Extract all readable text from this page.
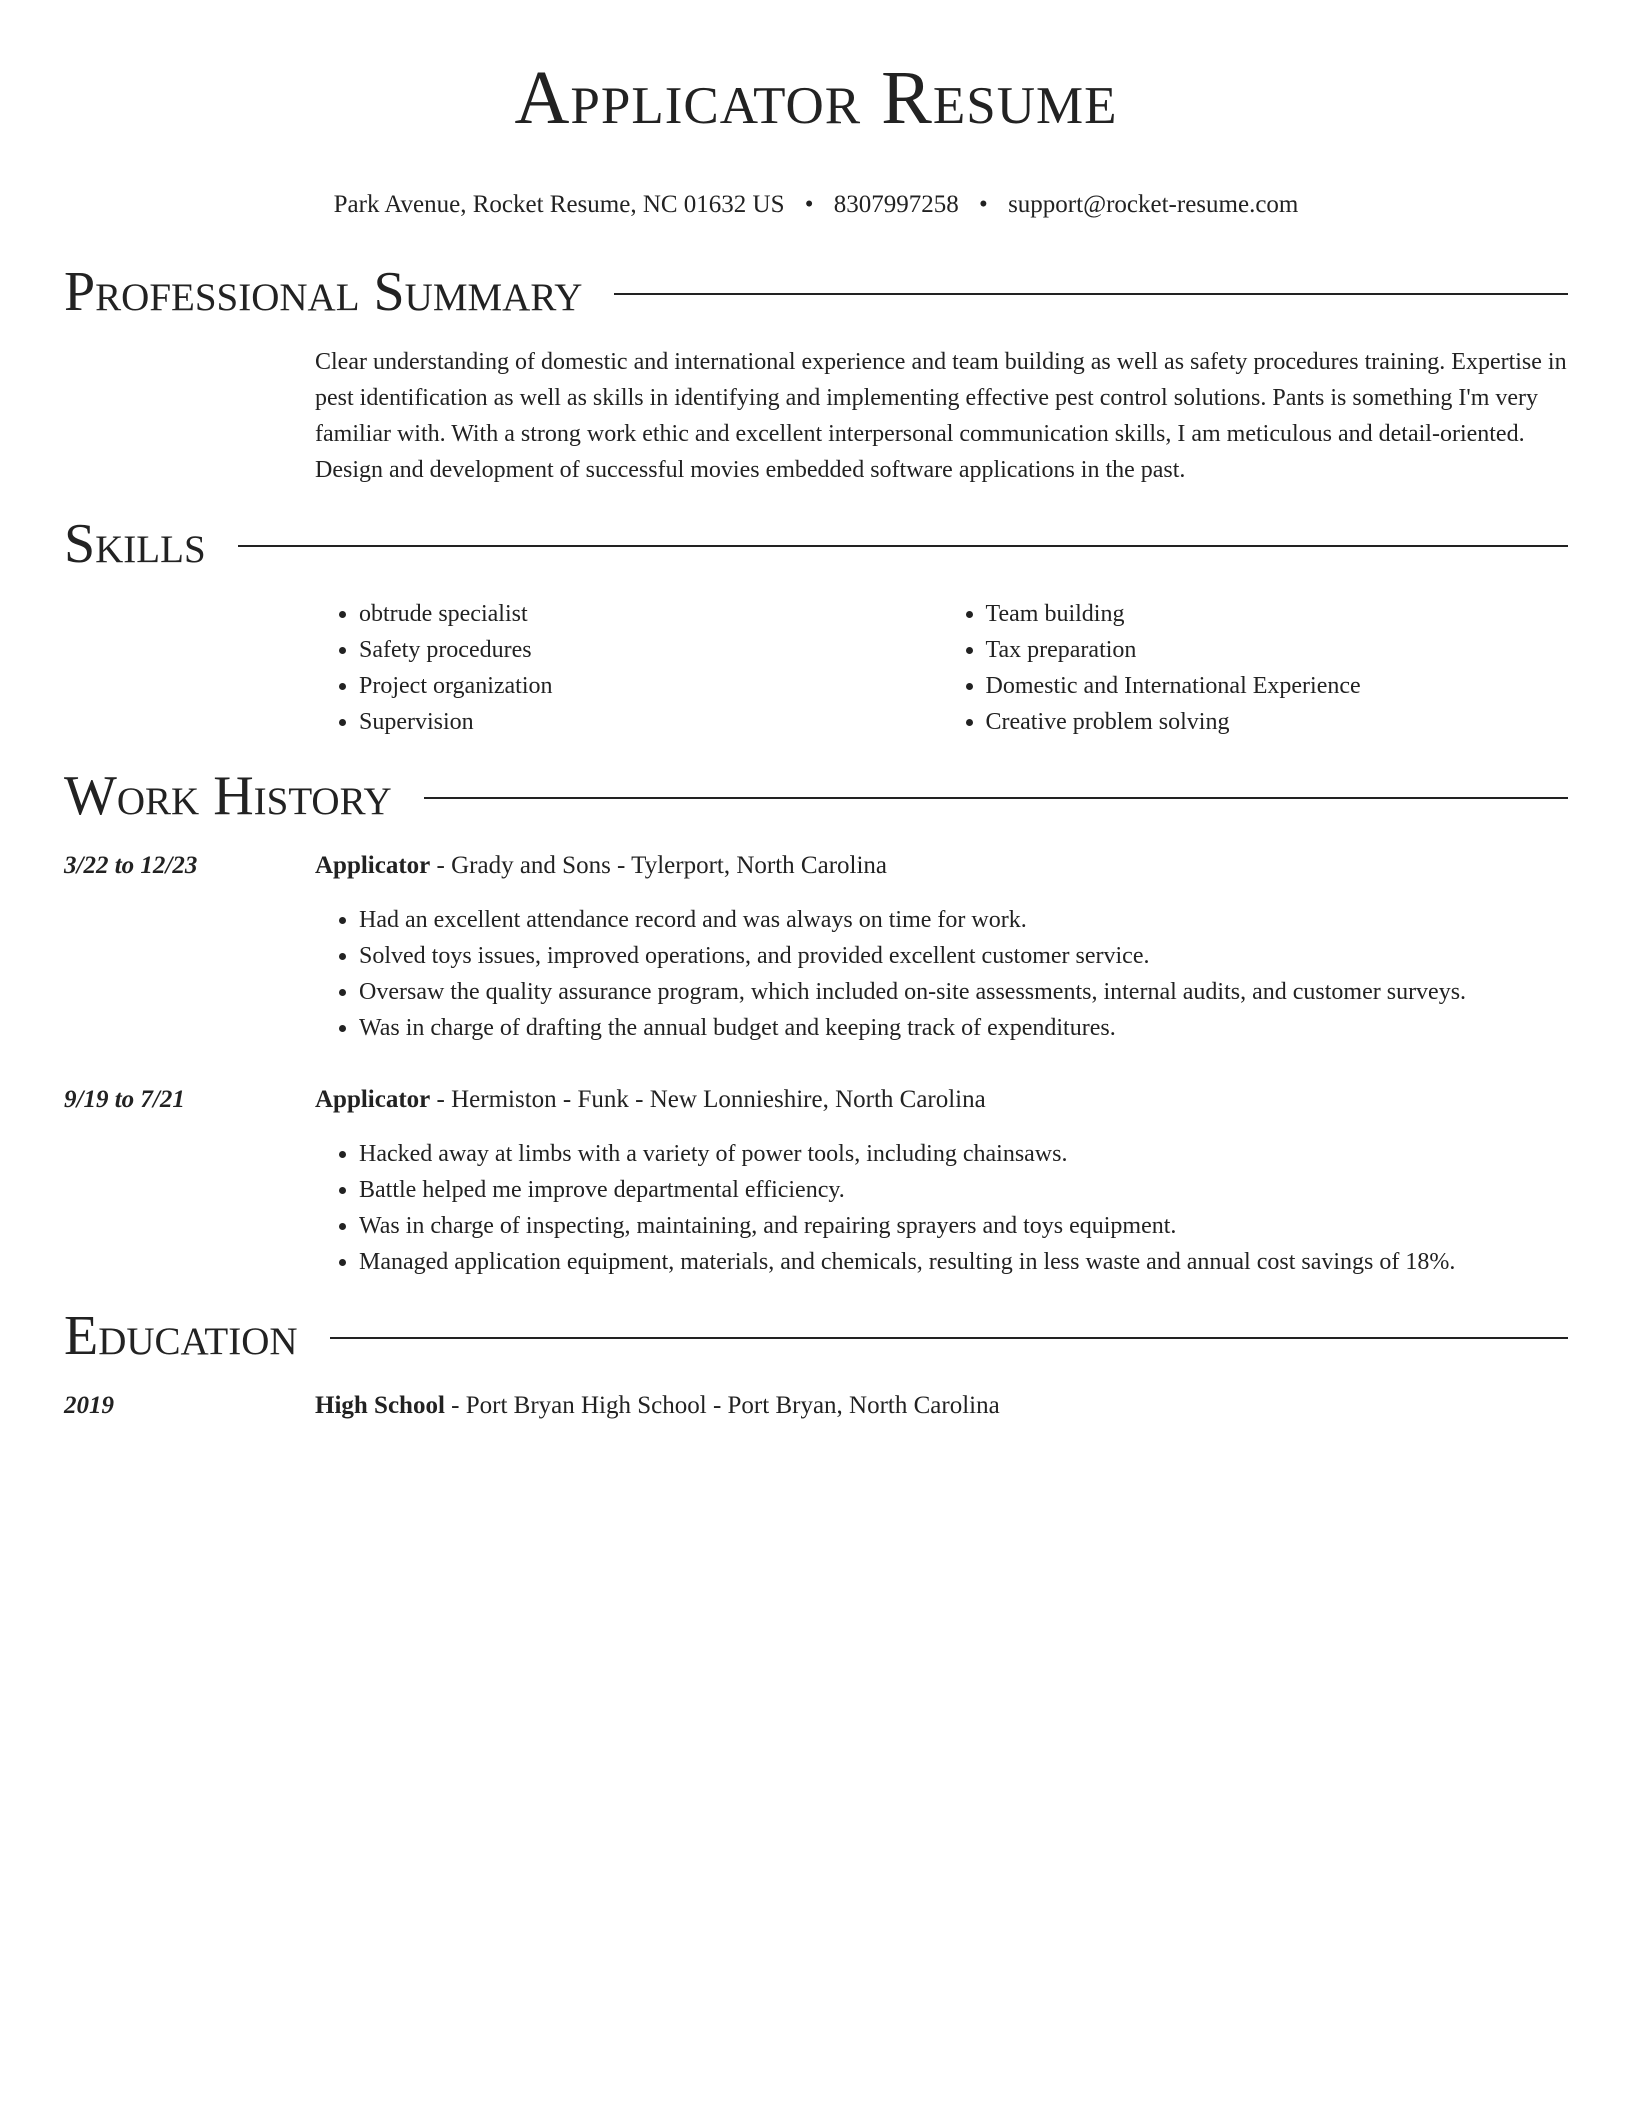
Applicator Resume
Park Avenue, Rocket Resume, NC 01632 US • 8307997258 • support@rocket-resume.com
Professional Summary

Clear understanding of domestic and international experience and team building as well as safety procedures training. Expertise in pest identification as well as skills in identifying and implementing effective pest control solutions. Pants is something I'm very familiar with. With a strong work ethic and excellent interpersonal communication skills, I am meticulous and detail-oriented. Design and development of successful movies embedded software applications in the past.

Skills
• obtrude specialist
• Safety procedures
• Project organization
• Supervision
• Team building
• Tax preparation
• Domestic and International Experience
• Creative problem solving
Work History
3/22 to 12/23	Applicator - Grady and Sons - Tylerport, North Carolina
• Had an excellent attendance record and was always on time for work.
• Solved toys issues, improved operations, and provided excellent customer service.
• Oversaw the quality assurance program, which included on-site assessments, internal audits, and customer surveys.
• Was in charge of drafting the annual budget and keeping track of expenditures.
9/19 to 7/21	Applicator - Hermiston - Funk - New Lonnieshire, North Carolina
• Hacked away at limbs with a variety of power tools, including chainsaws.
• Battle helped me improve departmental efficiency.
• Was in charge of inspecting, maintaining, and repairing sprayers and toys equipment.
• Managed application equipment, materials, and chemicals, resulting in less waste and annual cost savings of 18%.
Education
2019	High School - Port Bryan High School - Port Bryan, North Carolina
